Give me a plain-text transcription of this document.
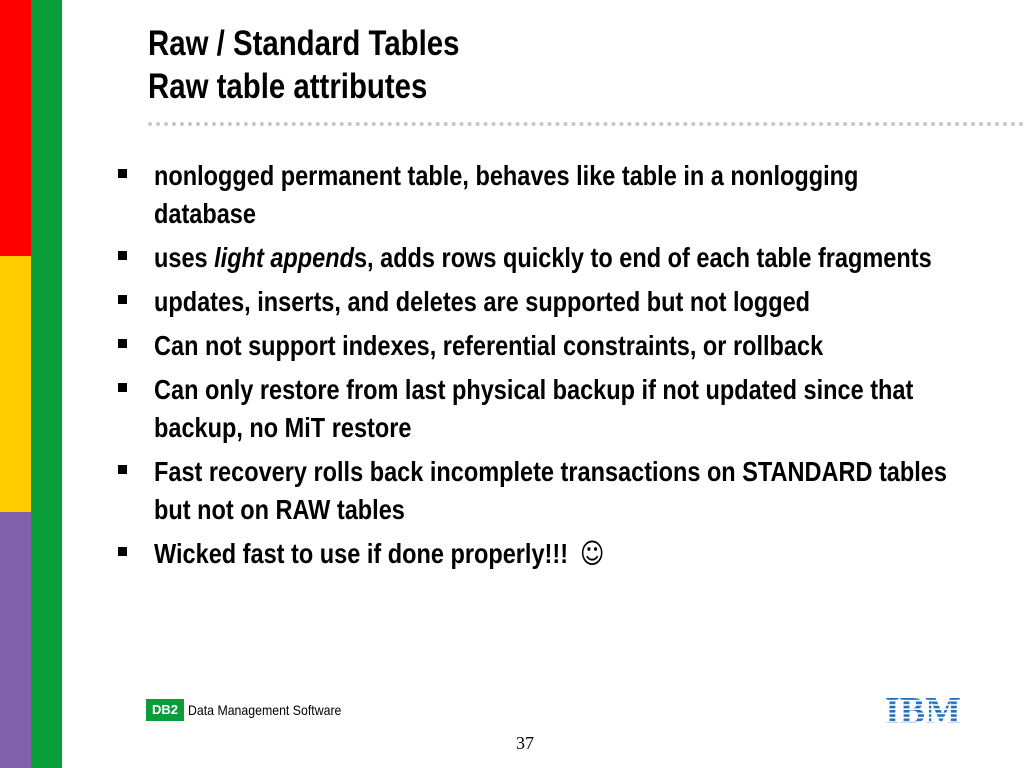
Raw / Standard Tables
Raw table attributes
nonlogged permanent table, behaves like table in a nonlogging database
uses light appends, adds rows quickly to end of each table fragments
updates, inserts, and deletes are supported but not logged
Can not support indexes, referential constraints, or rollback
Can only restore from last physical backup if not updated since that backup, no MiT restore
Fast recovery rolls back incomplete transactions on STANDARD tables but not on RAW tables
Wicked fast to use if done properly!!! ☺
DB2 Data Management Software
37
IBM
